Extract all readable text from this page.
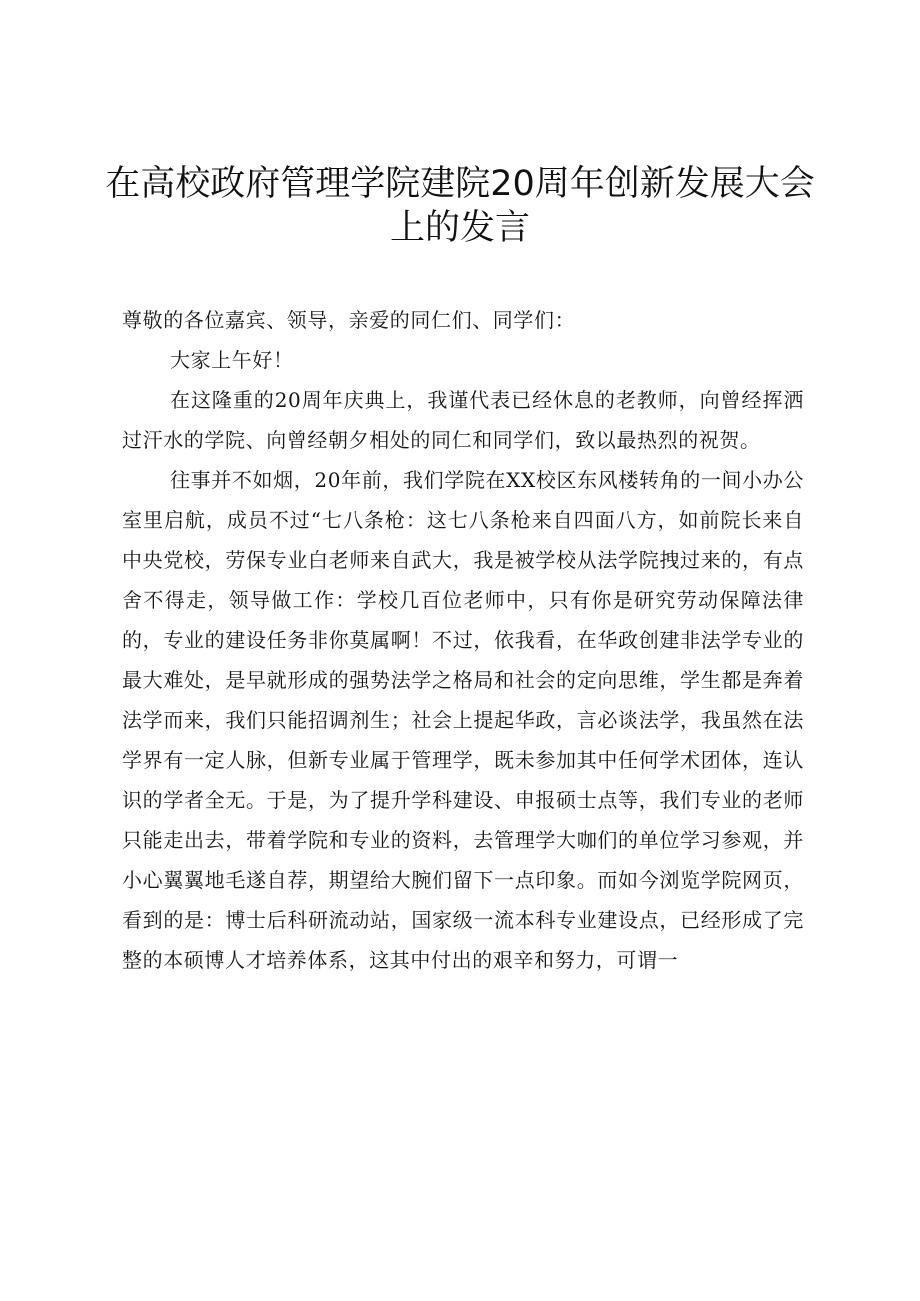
在高校政府管理学院建院20周年创新发展大会上的发言

尊敬的各位嘉宾、领导，亲爱的同仁们、同学们：

大家上午好！

在这隆重的20周年庆典上，我谨代表已经休息的老教师，向曾经挥洒过汗水的学院、向曾经朝夕相处的同仁和同学们，致以最热烈的祝贺。

往事并不如烟，20年前，我们学院在XX校区东风楼转角的一间小办公室里启航，成员不过“七八条枪：这七八条枪来自四面八方，如前院长来自中央党校，劳保专业白老师来自武大，我是被学校从法学院拽过来的，有点舍不得走，领导做工作：学校几百位老师中，只有你是研究劳动保障法律的，专业的建设任务非你莫属啊！不过，依我看，在华政创建非法学专业的最大难处，是早就形成的强势法学之格局和社会的定向思维，学生都是奔着法学而来，我们只能招调剂生；社会上提起华政，言必谈法学，我虽然在法学界有一定人脉，但新专业属于管理学，既未参加其中任何学术团体，连认识的学者全无。于是，为了提升学科建设、申报硕士点等，我们专业的老师只能走出去，带着学院和专业的资料，去管理学大咖们的单位学习参观，并小心翼翼地毛遂自荐，期望给大腕们留下一点印象。而如今浏览学院网页，看到的是：博士后科研流动站，国家级一流本科专业建设点，已经形成了完整的本硕博人才培养体系，这其中付出的艰辛和努力，可谓一
